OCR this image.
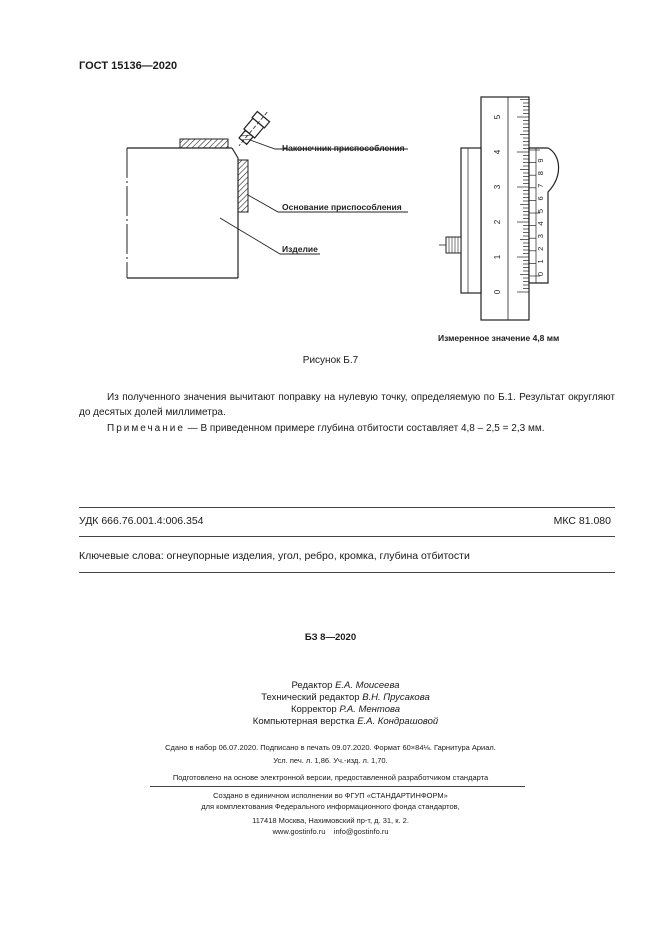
ГОСТ 15136—2020
Наконечник приспособления
Основание приспособления
Изделие
0
1
2
3
4
5
0
1
2
3
4
5
6
7
8
9
Измеренное значение 4,8 мм
Рисунок Б.7
Из полученного значения вычитают поправку на нулевую точку, определяемую по Б.1. Результат округляют до десятых долей миллиметра.
Примечание — В приведенном примере глубина отбитости составляет 4,8 – 2,5 = 2,3 мм.
УДК 666.76.001.4:006.354	МКС 81.080
Ключевые слова: огнеупорные изделия, угол, ребро, кромка, глубина отбитости
БЗ 8—2020
Редактор Е.А. Моисеева
Технический редактор В.Н. Прусакова
Корректор Р.А. Ментова
Компьютерная верстка Е.А. Кондрашовой
Сдано в набор 06.07.2020. Подписано в печать 09.07.2020. Формат 60×84⅛. Гарнитура Ариал.
Усл. печ. л. 1,86. Уч.-изд. л. 1,70.
Подготовлено на основе электронной версии, предоставленной разработчиком стандарта
Создано в единичном исполнении во ФГУП «СТАНДАРТИНФОРМ»
для комплектования Федерального информационного фонда стандартов,
117418 Москва, Нахимовский пр-т, д. 31, к. 2.
www.gostinfo.ru info@gostinfo.ru
